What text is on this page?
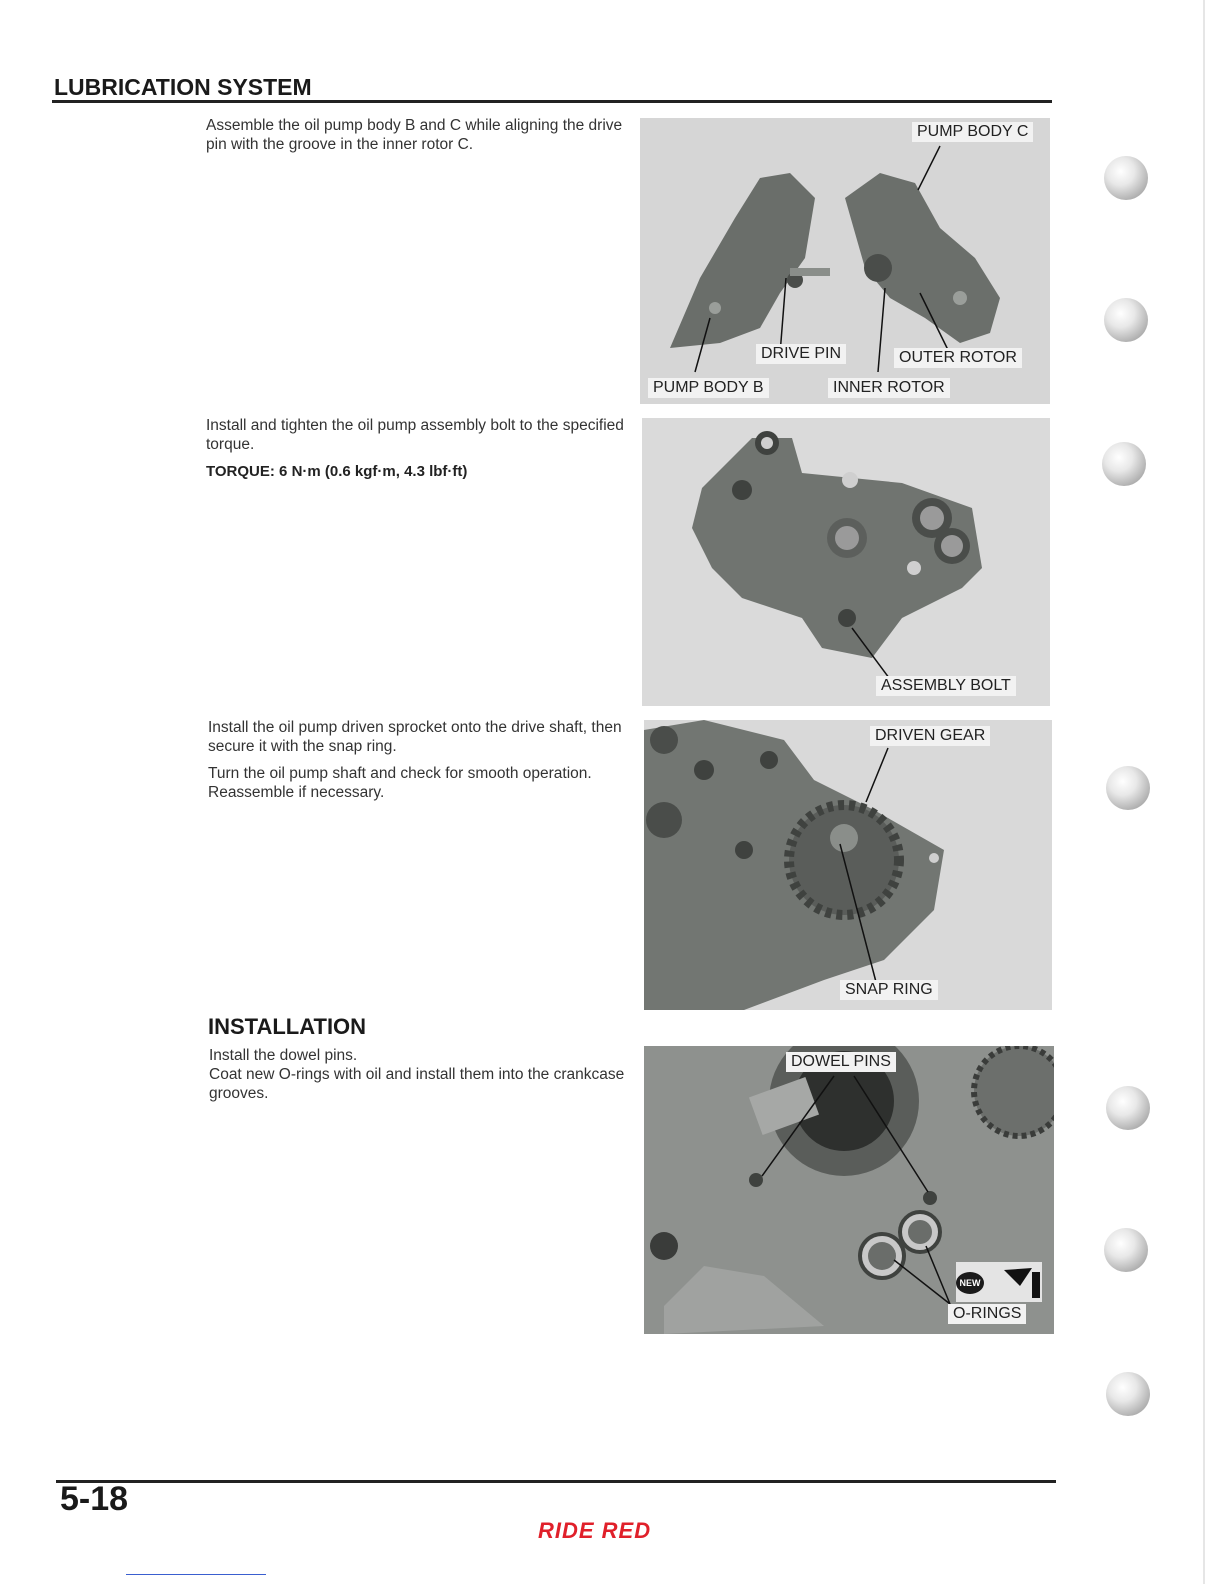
LUBRICATION SYSTEM

Assemble the oil pump body B and C while aligning the drive pin with the groove in the inner rotor C.

PUMP BODY C
DRIVE PIN	OUTER ROTOR
PUMP BODY B	INNER ROTOR

Install and tighten the oil pump assembly bolt to the specified torque.

TORQUE: 6 N·m (0.6 kgf·m, 4.3 lbf·ft)

ASSEMBLY BOLT

Install the oil pump driven sprocket onto the drive shaft, then secure it with the snap ring.

Turn the oil pump shaft and check for smooth operation.

Reassemble if necessary.

DRIVEN GEAR
SNAP RING
INSTALLATION

Install the dowel pins.

Coat new O-rings with oil and install them into the crankcase grooves.

NEW
DOWEL PINS
O-RINGS
5-18
RIDE RED
